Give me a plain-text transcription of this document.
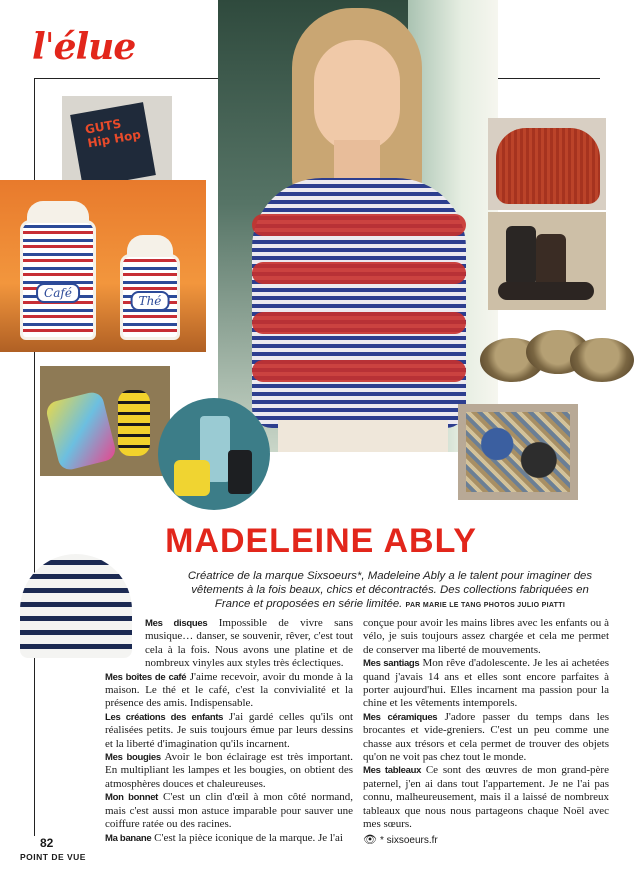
l'élue
GUTS
Hip Hop
Café
Thé
MADELEINE ABLY

Créatrice de la marque Sixsoeurs*, Madeleine Ably a le talent pour imaginer des vêtements à la fois beaux, chics et décontractés. Des collections fabriquées en France et proposées en série limitée. PAR MARIE LE TANG PHOTOS JULIO PIATTI

Mes disques Impossible de vivre sans musique… danser, se souvenir, rêver, c'est tout cela à la fois. Nous avons une platine et de nombreux vinyles aux styles très éclectiques.

Mes boîtes de café J'aime recevoir, avoir du monde à la maison. Le thé et le café, c'est la convivialité et la présence des amis. Indispensable.

Les créations des enfants J'ai gardé celles qu'ils ont réalisées petits. Je suis toujours émue par leurs dessins et la liberté d'imagination qu'ils incarnent.

Mes bougies Avoir le bon éclairage est très important. En multipliant les lampes et les bougies, on obtient des atmosphères douces et chaleureuses.

Mon bonnet C'est un clin d'œil à mon côté normand, mais c'est aussi mon astuce imparable pour sauver une coiffure ratée ou des racines.

Ma banane C'est la pièce iconique de la marque. Je l'ai

conçue pour avoir les mains libres avec les enfants ou à vélo, je suis toujours assez chargée et cela me permet de conserver ma liberté de mouvements.

Mes santiags Mon rêve d'adolescente. Je les ai achetées quand j'avais 14 ans et elles sont encore parfaites à porter aujourd'hui. Elles incarnent ma passion pour la chine et les vêtements intemporels.

Mes céramiques J'adore passer du temps dans les brocantes et vide-greniers. C'est un peu comme une chasse aux trésors et cela permet de trouver des objets qu'on ne voit pas chez tout le monde.

Mes tableaux Ce sont des œuvres de mon grand-père paternel, j'en ai dans tout l'appartement. Je ne l'ai pas connu, malheureusement, mais il a laissé de nombreux tableaux que nous nous partageons chaque Noël avec mes sœurs.

👁 * sixsoeurs.fr

82
POINT DE VUE
